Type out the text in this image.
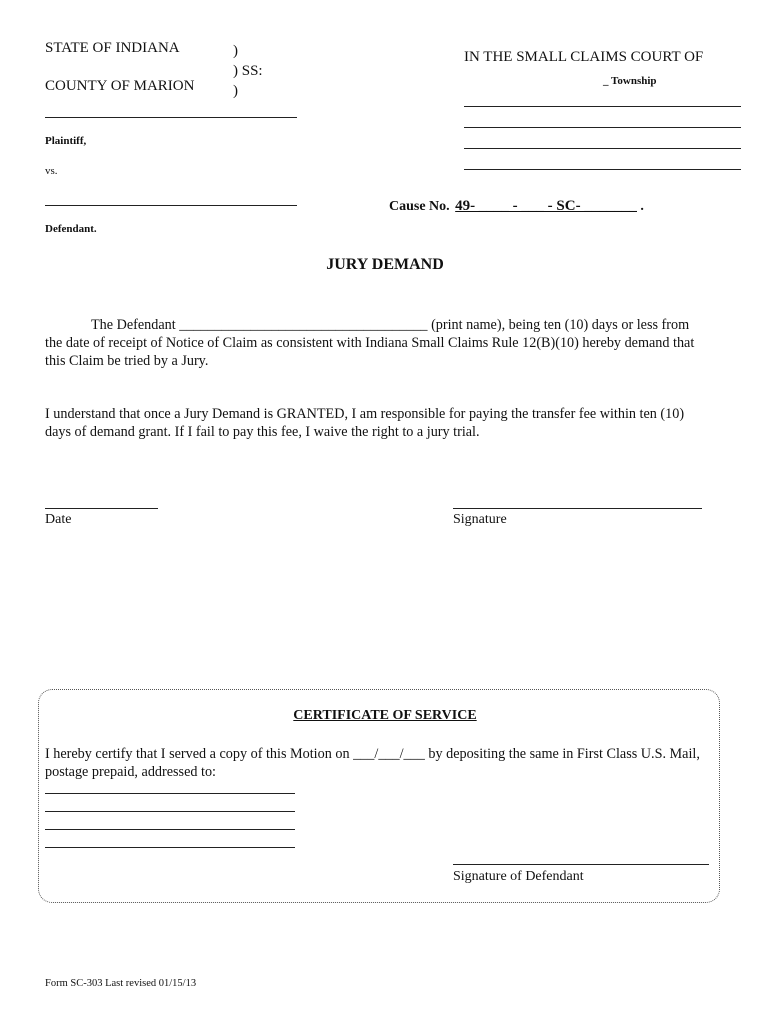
STATE OF INDIANA
COUNTY OF MARION
)
) SS:
)
Plaintiff,
vs.
Defendant.
IN THE SMALL CLAIMS COURT OF
_ Township
Cause No. 49- ____ - ___ - SC- _______ .
JURY DEMAND
The Defendant ___________________________________ (print name), being ten (10) days or less from the date of receipt of Notice of Claim as consistent with Indiana Small Claims Rule 12(B)(10) hereby demand that this Claim be tried by a Jury.
I understand that once a Jury Demand is GRANTED, I am responsible for paying the transfer fee within ten (10) days of demand grant. If I fail to pay this fee, I waive the right to a jury trial.
Date	Signature
CERTIFICATE OF SERVICE
I hereby certify that I served a copy of this Motion on ___/___/___ by depositing the same in First Class U.S. Mail, postage prepaid, addressed to:
Signature of Defendant
Form SC-303 Last revised 01/15/13
